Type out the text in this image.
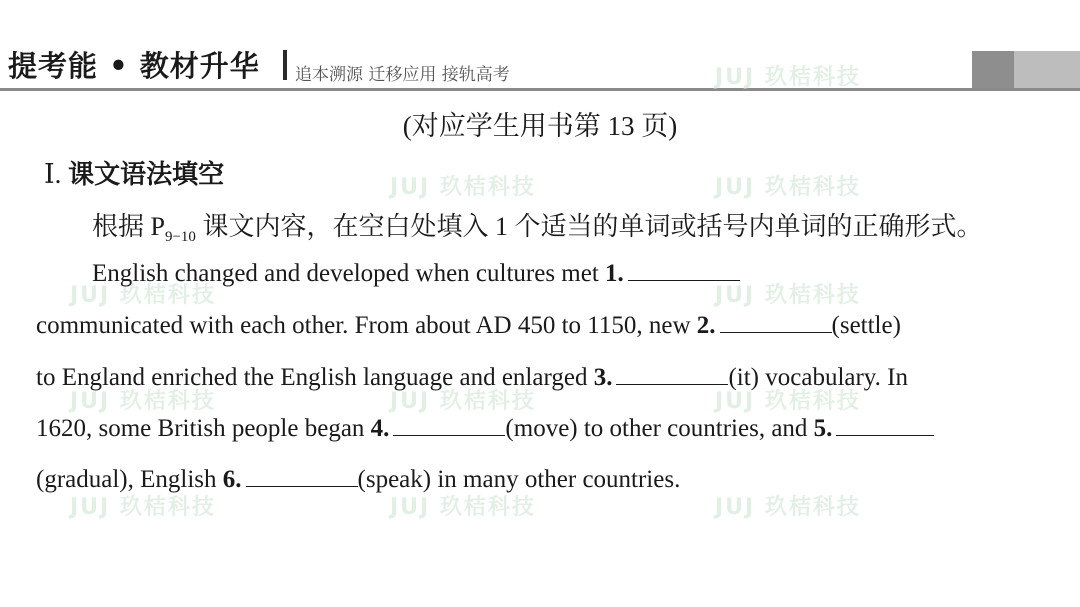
提考能 • 教材升华 追本溯源 迁移应用 接轨高考	JUJ 玖桔科技
JUJ 玖桔科技	JUJ 玖桔科技
JUJ 玖桔科技	JUJ 玖桔科技
JUJ 玖桔科技	JUJ 玖桔科技	JUJ 玖桔科技
JUJ 玖桔科技	JUJ 玖桔科技	JUJ 玖桔科技
(对应学生用书第 13 页)
Ⅰ. 课文语法填空
根据 $P_{9-10}$ 课文内容，在空白处填入 1 个适当的单词或括号内单词的正确形式。
English changed and developed when cultures met 1.
communicated with each other. From about AD 450 to 1150, new 2.	(settle)
to England enriched the English language and enlarged 3.	(it) vocabulary. In
1620, some British people began 4.	(move) to other countries, and 5.
(gradual), English 6.	(speak) in many other countries.
